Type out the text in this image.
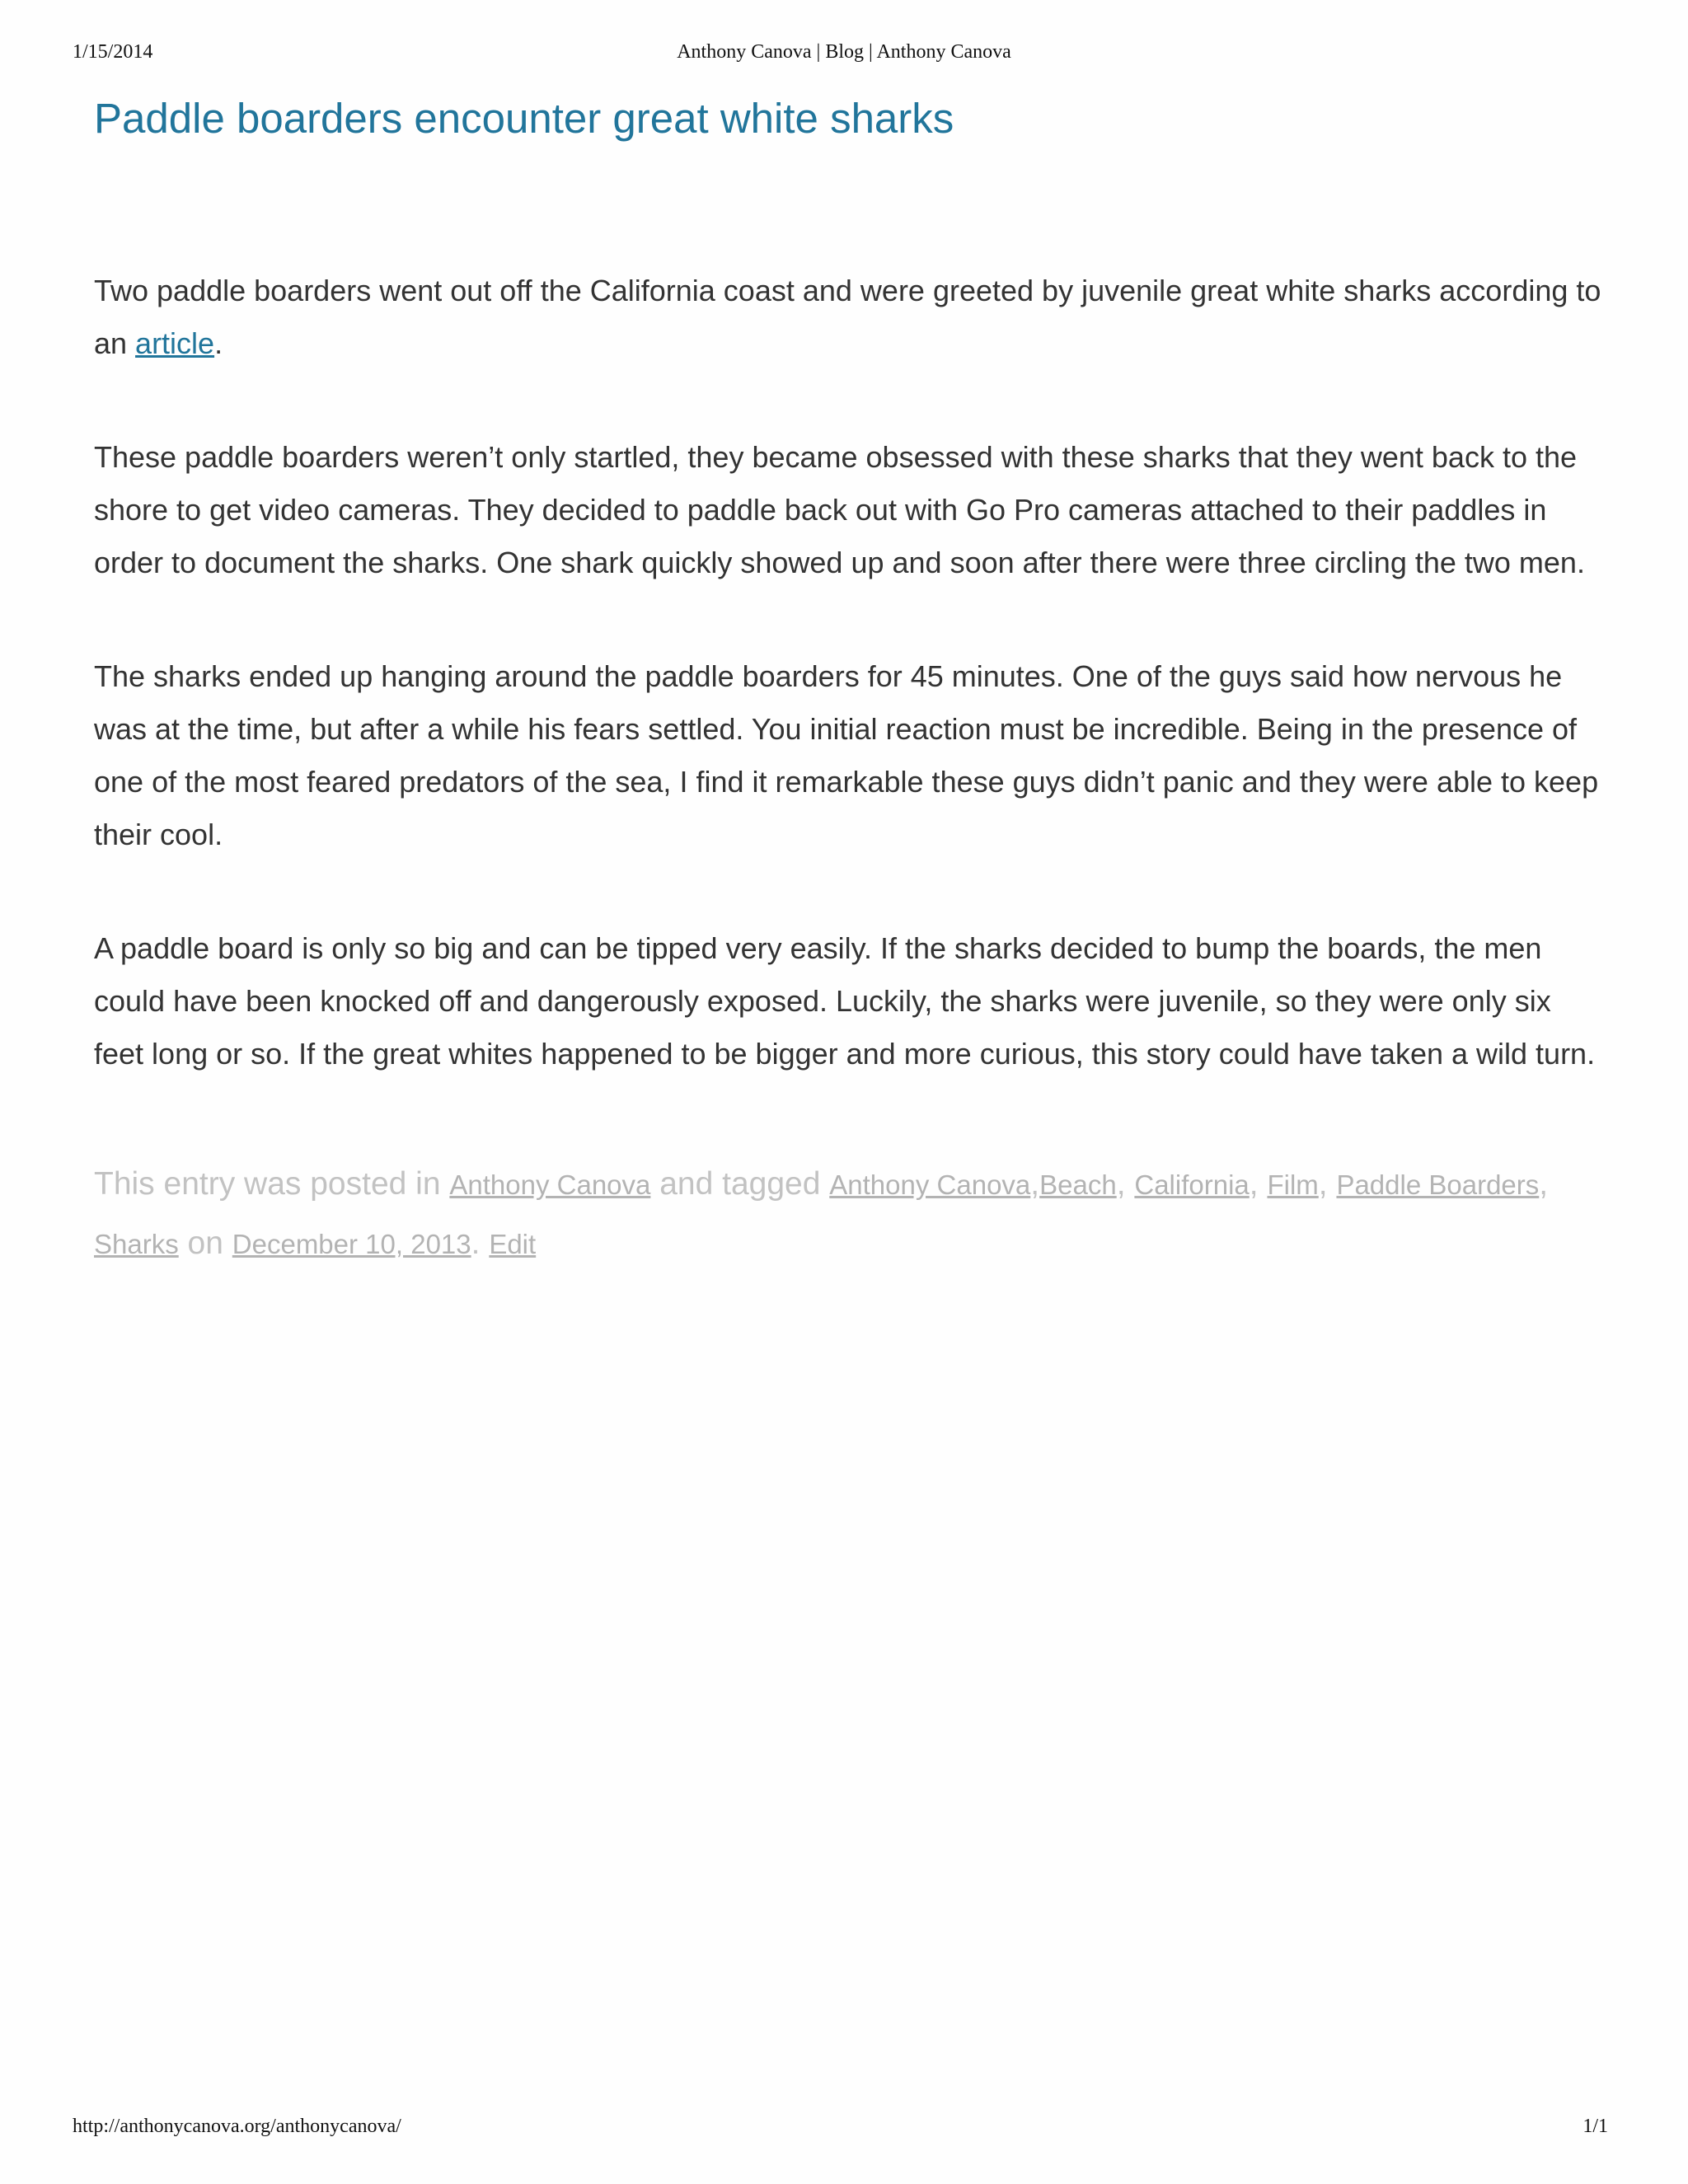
1/15/2014	Anthony Canova | Blog | Anthony Canova
Paddle boarders encounter great white sharks

Two paddle boarders went out off the California coast and were greeted by juvenile great white sharks according to an article.

These paddle boarders weren’t only startled, they became obsessed with these sharks that they went back to the shore to get video cameras. They decided to paddle back out with Go Pro cameras attached to their paddles in order to document the sharks. One shark quickly showed up and soon after there were three circling the two men.

The sharks ended up hanging around the paddle boarders for 45 minutes. One of the guys said how nervous he was at the time, but after a while his fears settled. You initial reaction must be incredible. Being in the presence of one of the most feared predators of the sea, I find it remarkable these guys didn’t panic and they were able to keep their cool.

A paddle board is only so big and can be tipped very easily. If the sharks decided to bump the boards, the men could have been knocked off and dangerously exposed. Luckily, the sharks were juvenile, so they were only six feet long or so. If the great whites happened to be bigger and more curious, this story could have taken a wild turn.

This entry was posted in Anthony Canova and tagged Anthony Canova,Beach, California, Film, Paddle Boarders, Sharks on December 10, 2013. Edit
http://anthonycanova.org/anthonycanova/	1/1
